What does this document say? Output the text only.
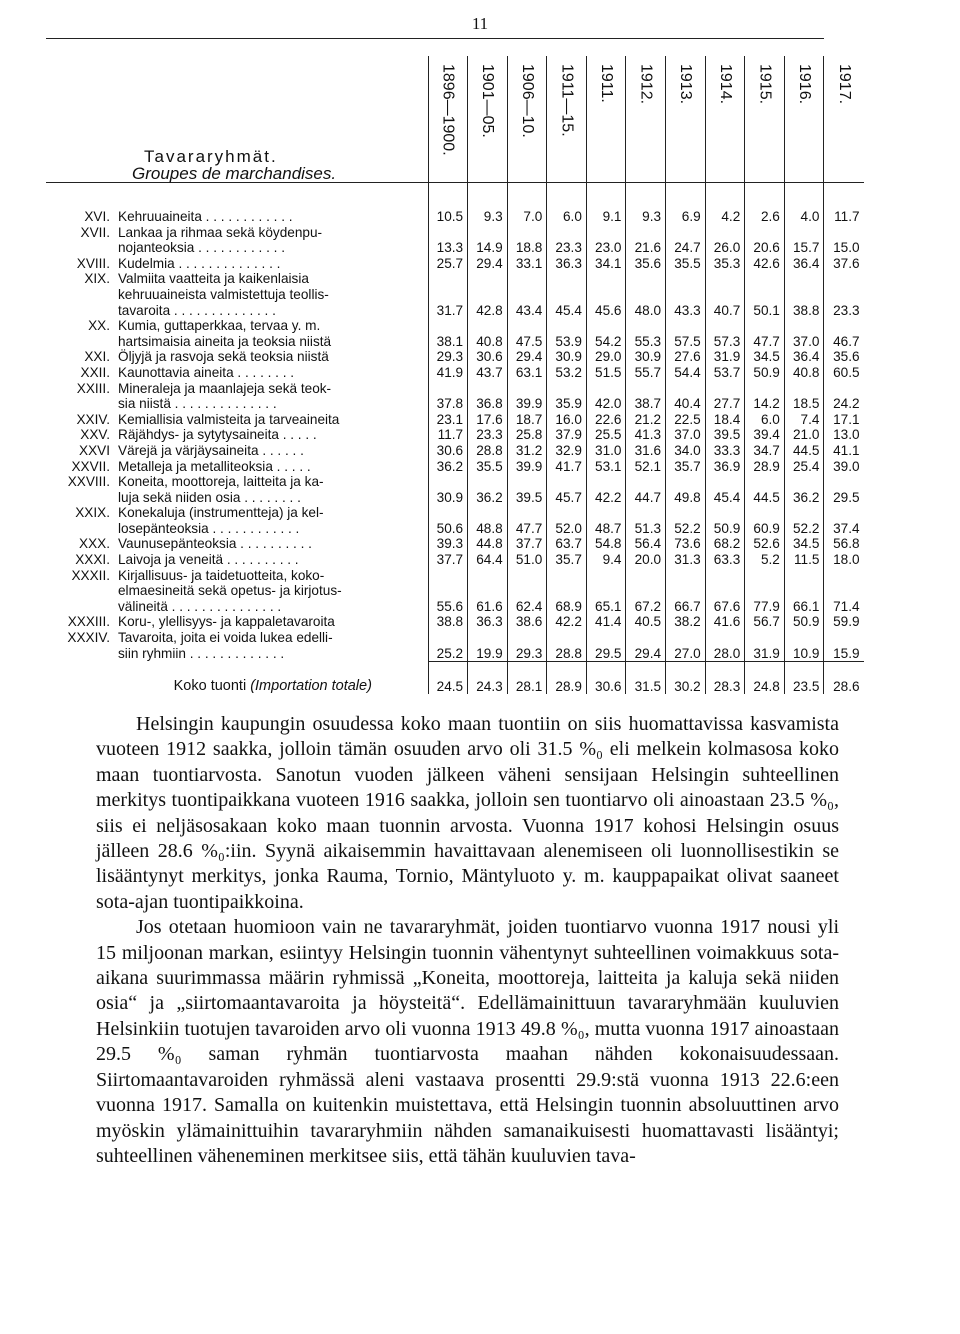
11
Tavararyhmät.
Groupes de marchandises.		1896—1900.	1901—05.	1906—10.	1911—15.	1911.	1912.	1913.	1914.	1915.	1916.	1917.

XVI.	Kehruuaineita . . . . . . . . . . . .	10.5	9.3	7.0	6.0	9.1	9.3	6.9	4.2	2.6	4.0	11.7
XVII.	Lankaa ja rihmaa sekä köydenpu-											
	nojanteoksia . . . . . . . . . . . .	13.3	14.9	18.8	23.3	23.0	21.6	24.7	26.0	20.6	15.7	15.0
XVIII.	Kudelmia . . . . . . . . . . . . . .	25.7	29.4	33.1	36.3	34.1	35.6	35.5	35.3	42.6	36.4	37.6
XIX.	Valmiita vaatteita ja kaikenlaisia											
	kehruuaineista valmistettuja teollis-											
	tavaroita . . . . . . . . . . . . . .	31.7	42.8	43.4	45.4	45.6	48.0	43.3	40.7	50.1	38.8	23.3
XX.	Kumia, guttaperkkaa, tervaa y. m.											
	hartsimaisia aineita ja teoksia niistä	38.1	40.8	47.5	53.9	54.2	55.3	57.5	57.3	47.7	37.0	46.7
XXI.	Öljyjä ja rasvoja sekä teoksia niistä	29.3	30.6	29.4	30.9	29.0	30.9	27.6	31.9	34.5	36.4	35.6
XXII.	Kaunottavia aineita . . . . . . . .	41.9	43.7	63.1	53.2	51.5	55.7	54.4	53.7	50.9	40.8	60.5
XXIII.	Mineraleja ja maanlajeja sekä teok-											
	sia niistä . . . . . . . . . . . . . .	37.8	36.8	39.9	35.9	42.0	38.7	40.4	27.7	14.2	18.5	24.2
XXIV.	Kemiallisia valmisteita ja tarveaineita	23.1	17.6	18.7	16.0	22.6	21.2	22.5	18.4	6.0	7.4	17.1
XXV.	Räjähdys- ja sytytysaineita . . . . .	11.7	23.3	25.8	37.9	25.5	41.3	37.0	39.5	39.4	21.0	13.0
XXVI	Värejä ja värjäysaineita . . . . . .	30.6	28.8	31.2	32.9	31.0	31.6	34.0	33.3	34.7	44.5	41.1
XXVII.	Metalleja ja metalliteoksia . . . . .	36.2	35.5	39.9	41.7	53.1	52.1	35.7	36.9	28.9	25.4	39.0
XXVIII.	Koneita, moottoreja, laitteita ja ka-											
	luja sekä niiden osia . . . . . . . .	30.9	36.2	39.5	45.7	42.2	44.7	49.8	45.4	44.5	36.2	29.5
XXIX.	Konekaluja (instrumentteja) ja kel-											
	losepänteoksia . . . . . . . . . . . .	50.6	48.8	47.7	52.0	48.7	51.3	52.2	50.9	60.9	52.2	37.4
XXX.	Vaunusepänteoksia . . . . . . . . . .	39.3	44.8	37.7	63.7	54.8	56.4	73.6	68.2	52.6	34.5	56.8
XXXI.	Laivoja ja veneitä . . . . . . . . . .	37.7	64.4	51.0	35.7	9.4	20.0	31.3	63.3	5.2	11.5	18.0
XXXII.	Kirjallisuus- ja taidetuotteita, koko-											
	elmaesineitä sekä opetus- ja kirjotus-											
	välineitä . . . . . . . . . . . . . . .	55.6	61.6	62.4	68.9	65.1	67.2	66.7	67.6	77.9	66.1	71.4
XXXIII.	Koru-, ylellisyys- ja kappaletavaroita	38.8	36.3	38.6	42.2	41.4	40.5	38.2	41.6	56.7	50.9	59.9
XXXIV.	Tavaroita, joita ei voida lukea edelli-											
	siin ryhmiin . . . . . . . . . . . . .	25.2	19.9	29.3	28.8	29.5	29.4	27.0	28.0	31.9	10.9	15.9
	Koko tuonti (Importation totale)	24.5	24.3	28.1	28.9	30.6	31.5	30.2	28.3	24.8	23.5	28.6

Helsingin kaupungin osuudessa koko maan tuontiin on siis huomattavissa kasvamista vuoteen 1912 saakka, jolloin tämän osuuden arvo oli 31.5 %₀ eli melkein kolmasosa koko maan tuontiarvosta. Sanotun vuoden jälkeen väheni sensijaan Helsingin suhteellinen merkitys tuontipaikkana vuoteen 1916 saakka, jolloin sen tuontiarvo oli ainoastaan 23.5 %₀, siis ei neljäsosakaan koko maan tuonnin arvosta. Vuonna 1917 kohosi Helsingin osuus jälleen 28.6 %₀:iin. Syynä aikaisemmin havaittavaan alenemiseen oli luonnollisestikin se lisääntynyt merkitys, jonka Rauma, Tornio, Mäntyluoto y. m. kauppapaikat olivat saaneet sota-ajan tuontipaikkoina.

Jos otetaan huomioon vain ne tavararyhmät, joiden tuontiarvo vuonna 1917 nousi yli 15 miljoonan markan, esiintyy Helsingin tuonnin vähentynyt suhteellinen voimakkuus sota-aikana suurimmassa määrin ryhmissä „Koneita, moottoreja, laitteita ja kaluja sekä niiden osia“ ja „siirtomaantavaroita ja höysteitä“. Edellämainittuun tavararyhmään kuuluvien Helsinkiin tuotujen tavaroiden arvo oli vuonna 1913 49.8 %₀, mutta vuonna 1917 ainoastaan 29.5 %₀ saman ryhmän tuontiarvosta maahan nähden kokonaisuudessaan. Siirtomaantavaroiden ryhmässä aleni vastaava prosentti 29.9:stä vuonna 1913 22.6:een vuonna 1917. Samalla on kuitenkin muistettava, että Helsingin tuonnin absoluuttinen arvo myöskin ylämainittuihin tavararyhmiin nähden samanaikuisesti huomattavasti lisääntyi; suhteellinen väheneminen merkitsee siis, että tähän kuuluvien tava-
